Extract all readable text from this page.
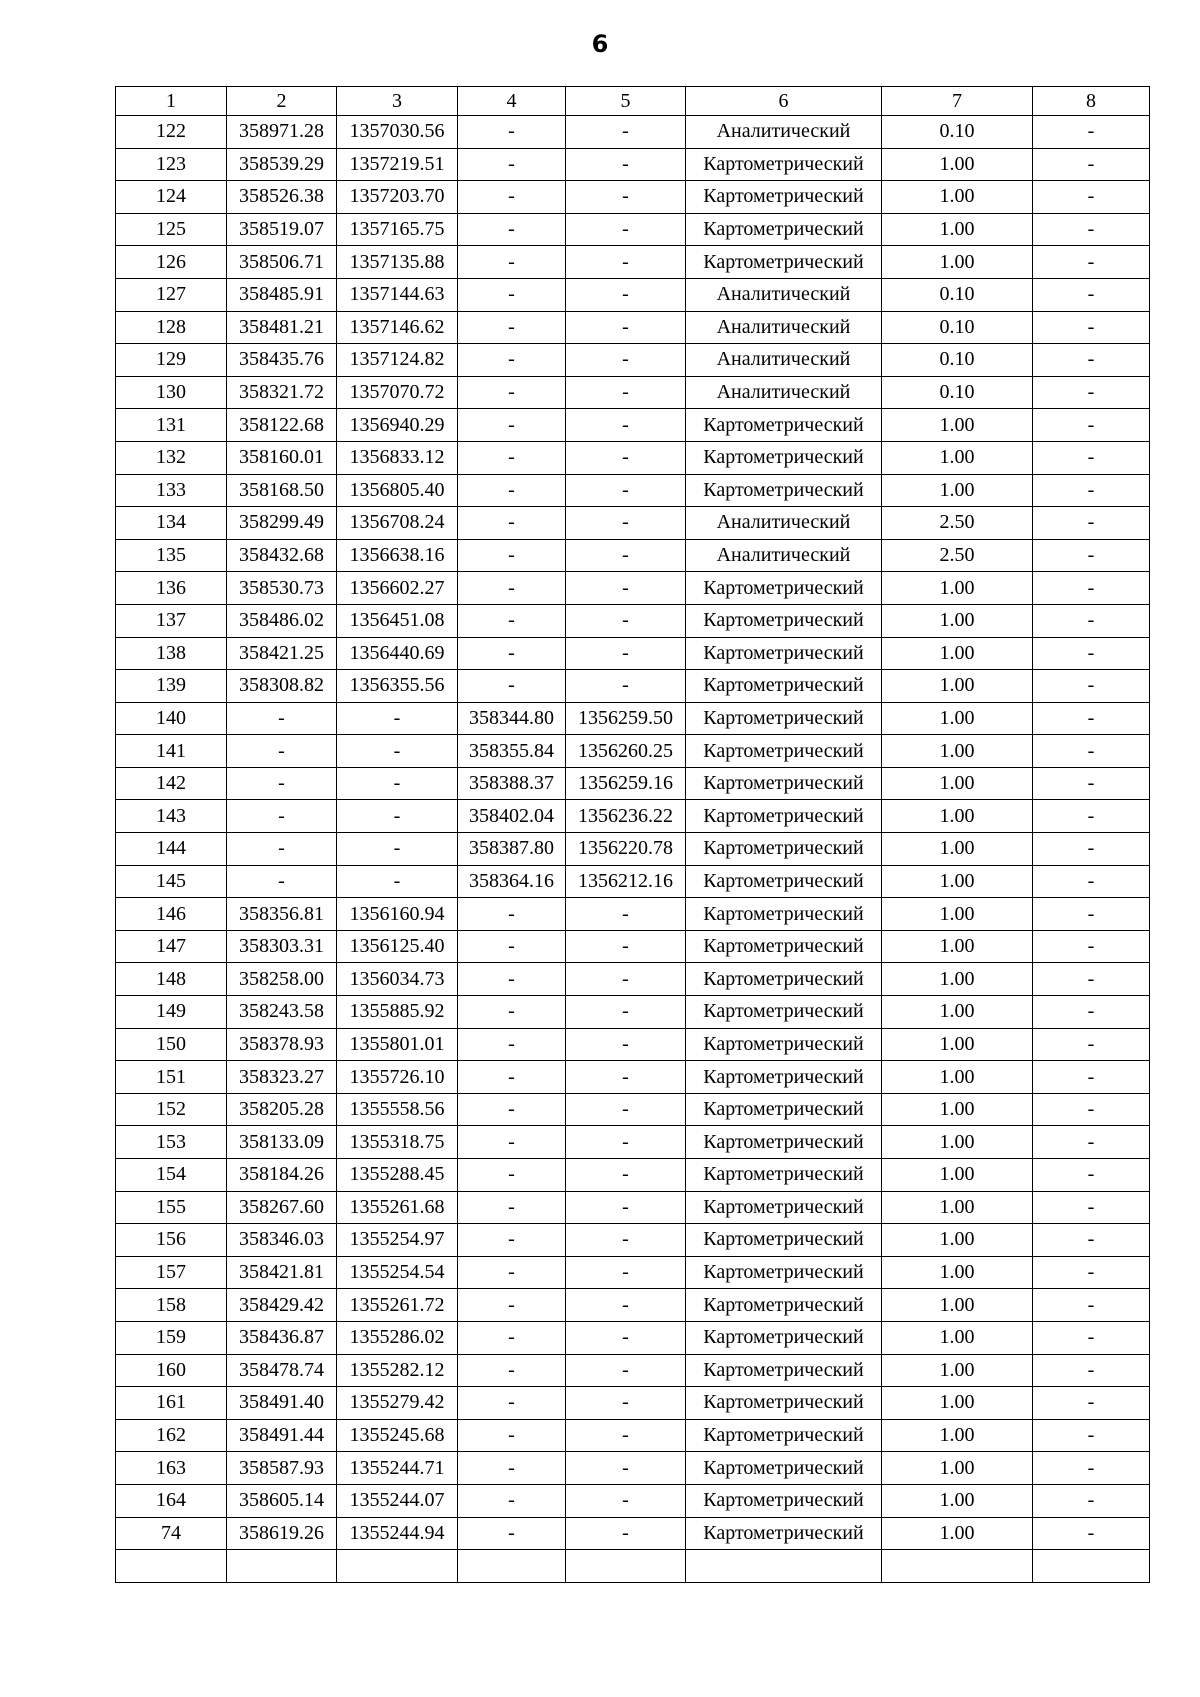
6
1	2	3	4	5	6	7	8
122	358971.28	1357030.56	-	-	Аналитический	0.10	-
123	358539.29	1357219.51	-	-	Картометрический	1.00	-
124	358526.38	1357203.70	-	-	Картометрический	1.00	-
125	358519.07	1357165.75	-	-	Картометрический	1.00	-
126	358506.71	1357135.88	-	-	Картометрический	1.00	-
127	358485.91	1357144.63	-	-	Аналитический	0.10	-
128	358481.21	1357146.62	-	-	Аналитический	0.10	-
129	358435.76	1357124.82	-	-	Аналитический	0.10	-
130	358321.72	1357070.72	-	-	Аналитический	0.10	-
131	358122.68	1356940.29	-	-	Картометрический	1.00	-
132	358160.01	1356833.12	-	-	Картометрический	1.00	-
133	358168.50	1356805.40	-	-	Картометрический	1.00	-
134	358299.49	1356708.24	-	-	Аналитический	2.50	-
135	358432.68	1356638.16	-	-	Аналитический	2.50	-
136	358530.73	1356602.27	-	-	Картометрический	1.00	-
137	358486.02	1356451.08	-	-	Картометрический	1.00	-
138	358421.25	1356440.69	-	-	Картометрический	1.00	-
139	358308.82	1356355.56	-	-	Картометрический	1.00	-
140	-	-	358344.80	1356259.50	Картометрический	1.00	-
141	-	-	358355.84	1356260.25	Картометрический	1.00	-
142	-	-	358388.37	1356259.16	Картометрический	1.00	-
143	-	-	358402.04	1356236.22	Картометрический	1.00	-
144	-	-	358387.80	1356220.78	Картометрический	1.00	-
145	-	-	358364.16	1356212.16	Картометрический	1.00	-
146	358356.81	1356160.94	-	-	Картометрический	1.00	-
147	358303.31	1356125.40	-	-	Картометрический	1.00	-
148	358258.00	1356034.73	-	-	Картометрический	1.00	-
149	358243.58	1355885.92	-	-	Картометрический	1.00	-
150	358378.93	1355801.01	-	-	Картометрический	1.00	-
151	358323.27	1355726.10	-	-	Картометрический	1.00	-
152	358205.28	1355558.56	-	-	Картометрический	1.00	-
153	358133.09	1355318.75	-	-	Картометрический	1.00	-
154	358184.26	1355288.45	-	-	Картометрический	1.00	-
155	358267.60	1355261.68	-	-	Картометрический	1.00	-
156	358346.03	1355254.97	-	-	Картометрический	1.00	-
157	358421.81	1355254.54	-	-	Картометрический	1.00	-
158	358429.42	1355261.72	-	-	Картометрический	1.00	-
159	358436.87	1355286.02	-	-	Картометрический	1.00	-
160	358478.74	1355282.12	-	-	Картометрический	1.00	-
161	358491.40	1355279.42	-	-	Картометрический	1.00	-
162	358491.44	1355245.68	-	-	Картометрический	1.00	-
163	358587.93	1355244.71	-	-	Картометрический	1.00	-
164	358605.14	1355244.07	-	-	Картометрический	1.00	-
74	358619.26	1355244.94	-	-	Картометрический	1.00	-
